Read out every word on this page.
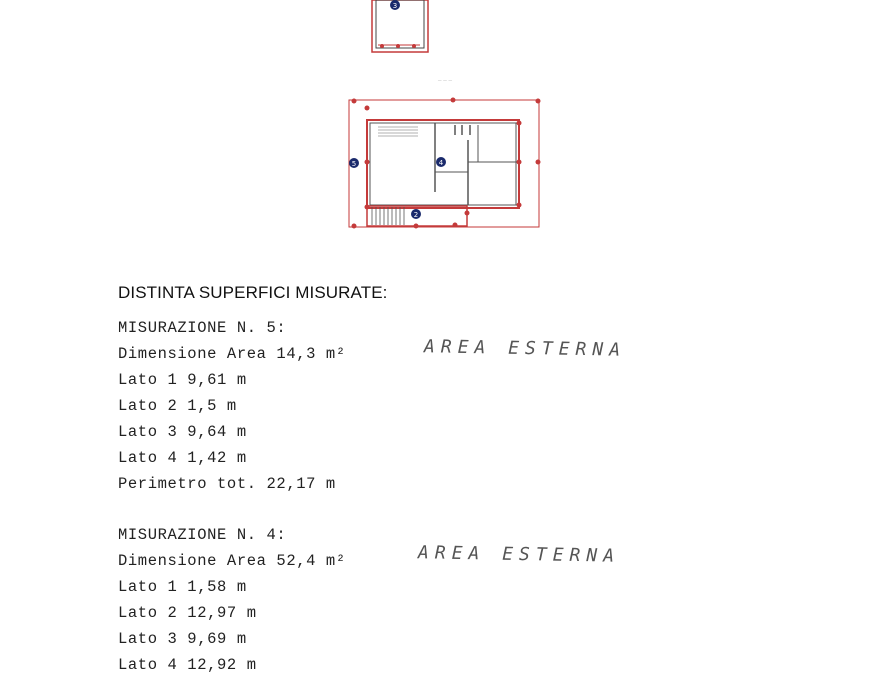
3
— — —
5	4
2
DISTINTA SUPERFICI MISURATE:
MISURAZIONE N. 5:
Dimensione Area 14,3 m²
Lato 1 9,61 m
Lato 2 1,5 m
Lato 3 9,64 m
Lato 4 1,42 m
Perimetro tot. 22,17 m
AREA ESTERNA
MISURAZIONE N. 4:
Dimensione Area 52,4 m²
Lato 1 1,58 m
Lato 2 12,97 m
Lato 3 9,69 m
Lato 4 12,92 m
AREA ESTERNA
